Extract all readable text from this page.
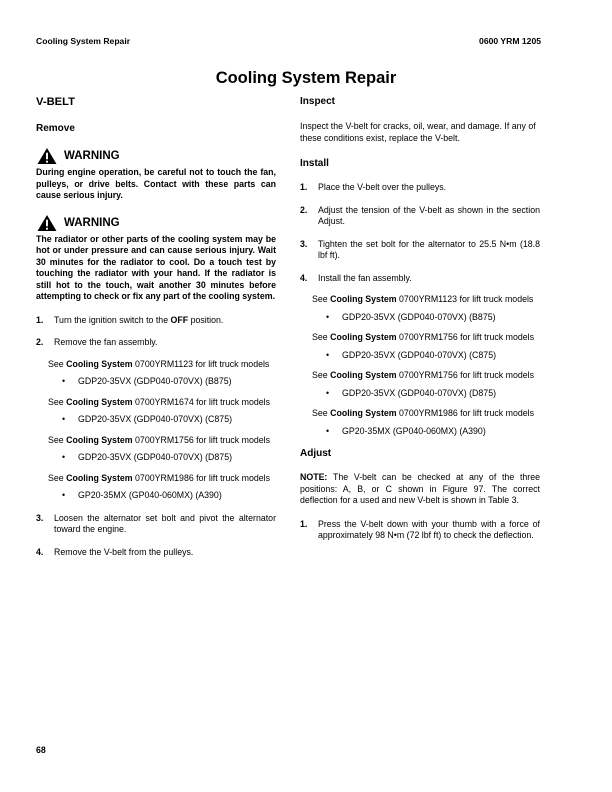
Cooling System Repair	0600 YRM 1205
Cooling System Repair
V-BELT
Remove
WARNING

During engine operation, be careful not to touch the fan, pulleys, or drive belts. Contact with these parts can cause serious injury.

WARNING

The radiator or other parts of the cooling system may be hot or under pressure and can cause serious injury. Wait 30 minutes for the radiator to cool. Do a touch test by touching the radiator with your hand. If the radiator is still hot to the touch, wait another 30 minutes before attempting to check or fix any part of the cooling system.

1. Turn the ignition switch to the OFF position.
2. Remove the fan assembly.
See Cooling System 0700YRM1123 for lift truck models
• GDP20-35VX (GDP040-070VX) (B875)
See Cooling System 0700YRM1674 for lift truck models
• GDP20-35VX (GDP040-070VX) (C875)
See Cooling System 0700YRM1756 for lift truck models
• GDP20-35VX (GDP040-070VX) (D875)
See Cooling System 0700YRM1986 for lift truck models
• GP20-35MX (GP040-060MX) (A390)
3. Loosen the alternator set bolt and pivot the alternator toward the engine.
4. Remove the V-belt from the pulleys.
Inspect

Inspect the V-belt for cracks, oil, wear, and damage. If any of these conditions exist, replace the V-belt.

Install
1. Place the V-belt over the pulleys.
2. Adjust the tension of the V-belt as shown in the section Adjust.
3. Tighten the set bolt for the alternator to 25.5 N•m (18.8 lbf ft).
4. Install the fan assembly.
See Cooling System 0700YRM1123 for lift truck models
• GDP20-35VX (GDP040-070VX) (B875)
See Cooling System 0700YRM1756 for lift truck models
• GDP20-35VX (GDP040-070VX) (C875)
See Cooling System 0700YRM1756 for lift truck models
• GDP20-35VX (GDP040-070VX) (D875)
See Cooling System 0700YRM1986 for lift truck models
• GP20-35MX (GP040-060MX) (A390)
Adjust

NOTE: The V-belt can be checked at any of the three positions: A, B, or C shown in Figure 97. The correct deflection for a used and new V-belt is shown in Table 3.

1. Press the V-belt down with your thumb with a force of approximately 98 N•m (72 lbf ft) to check the deflection.
68
